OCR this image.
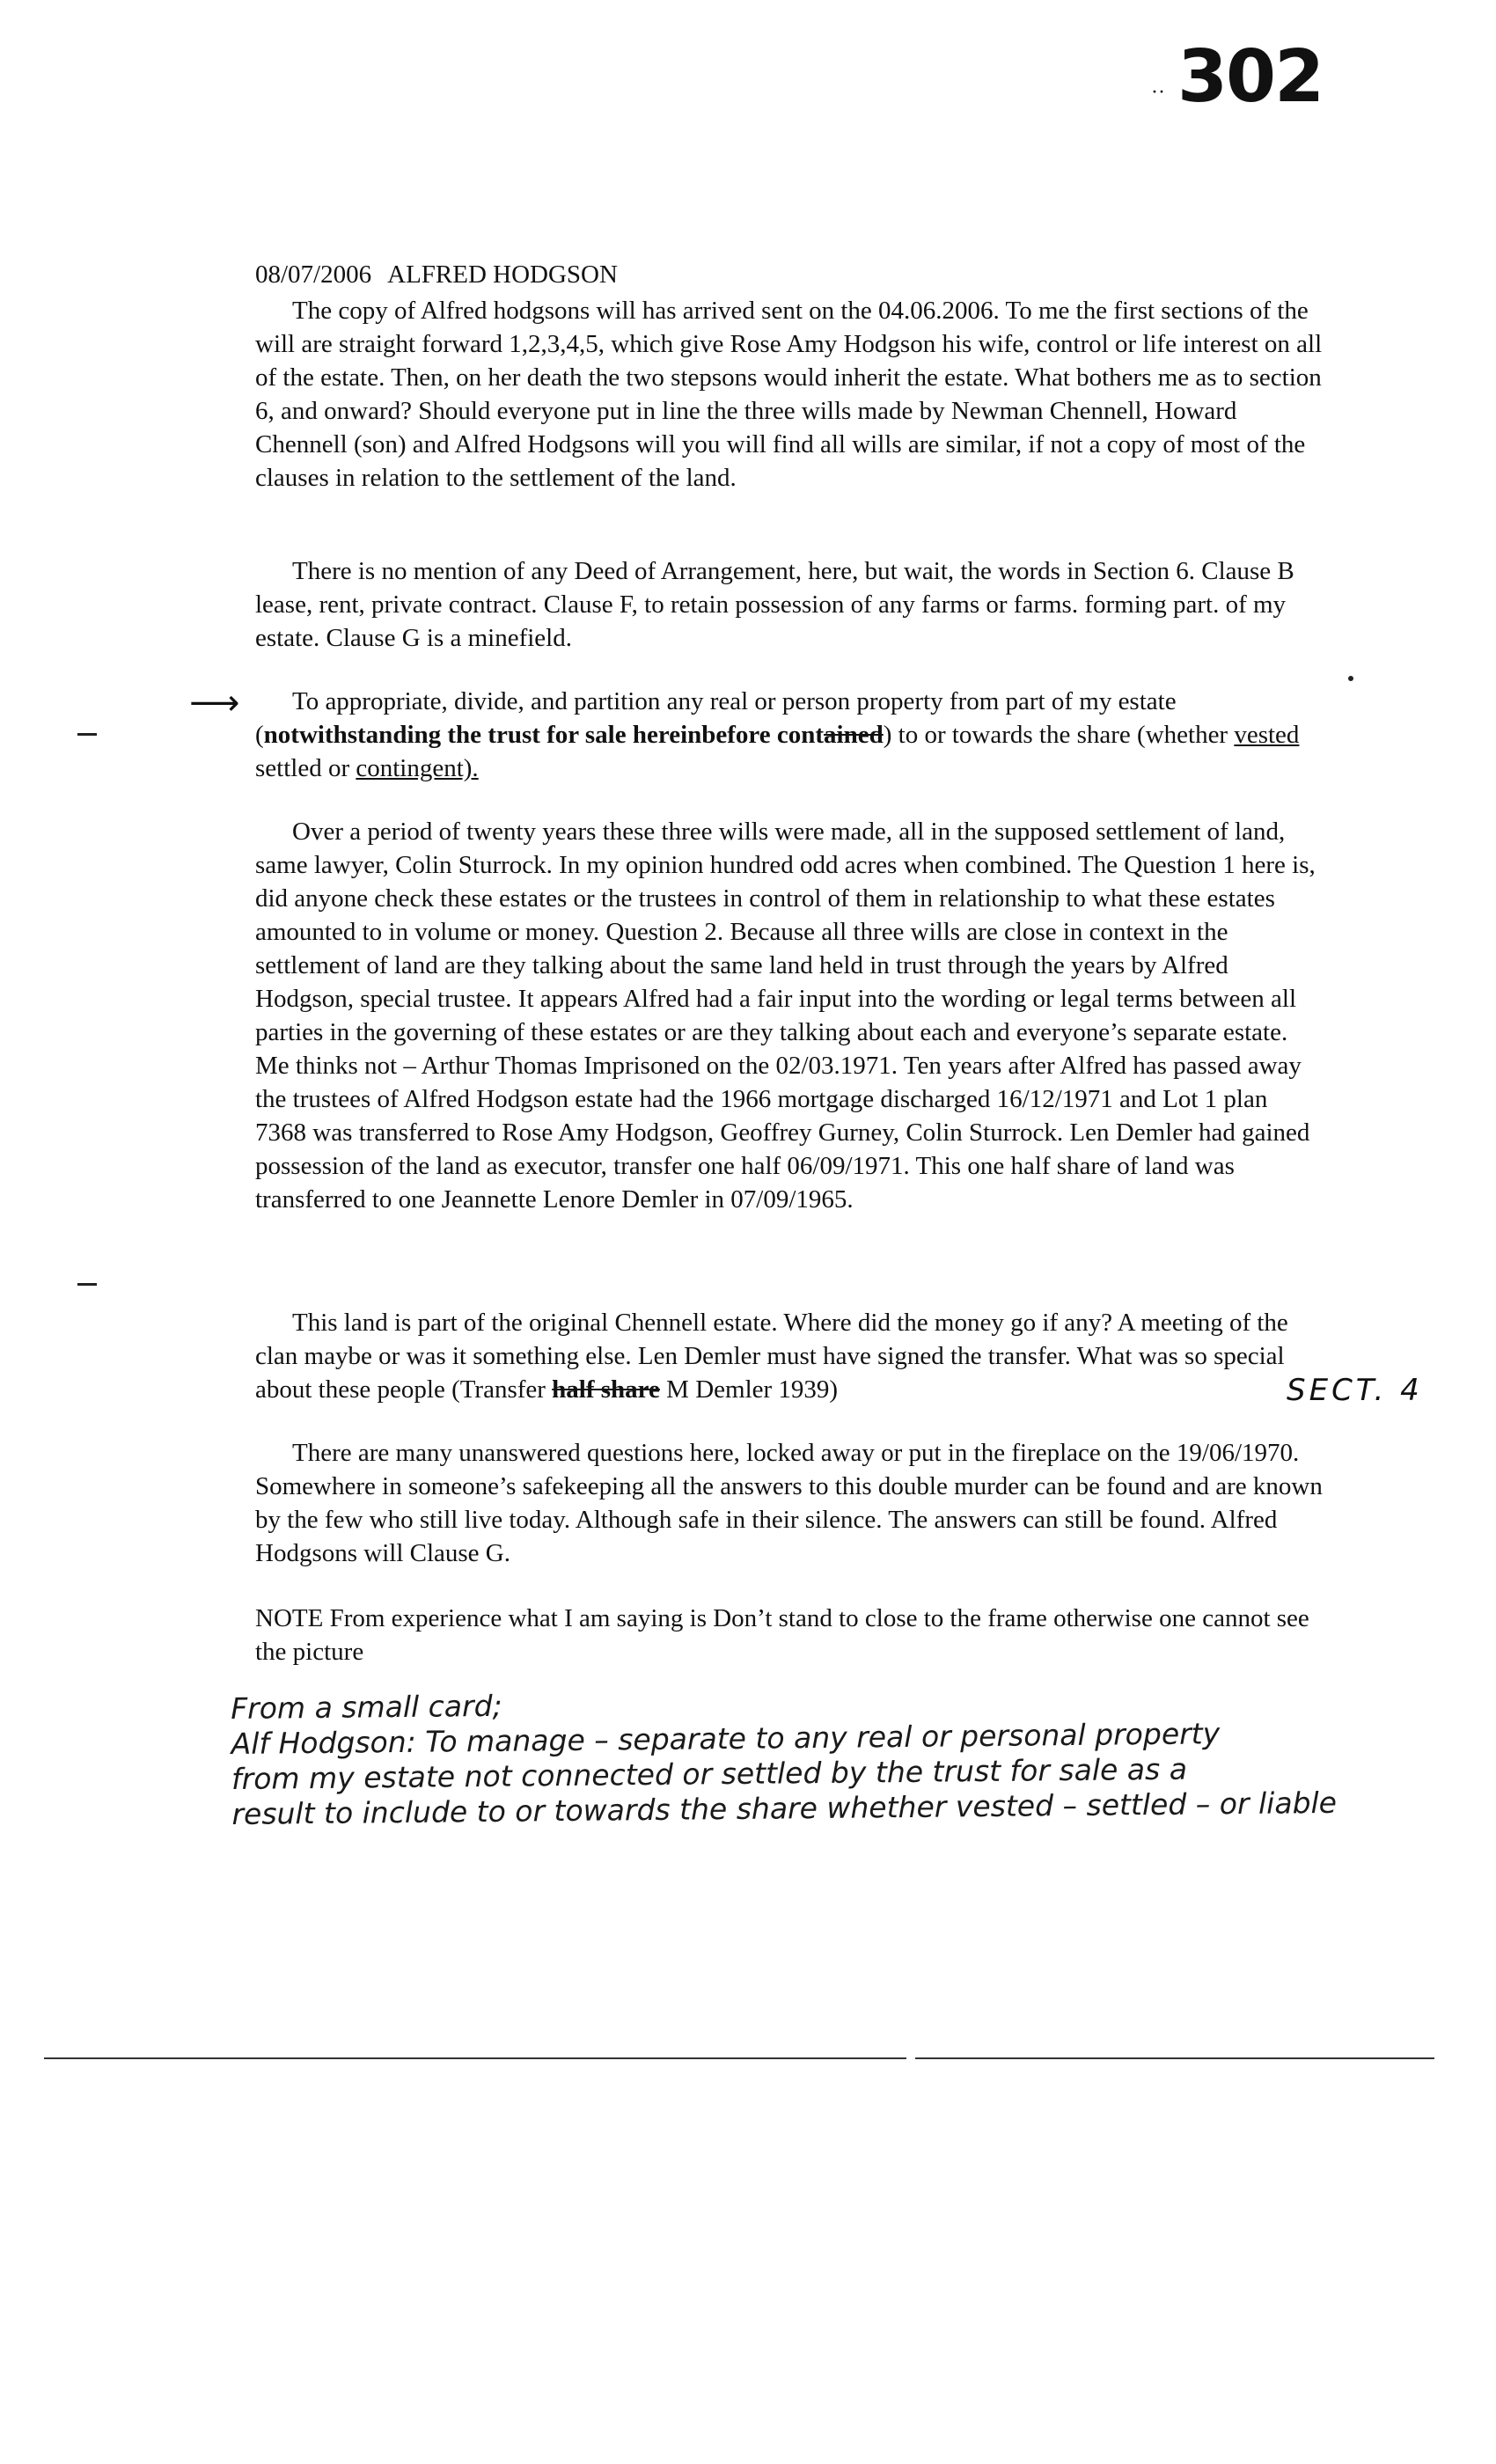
·· 302
08/07/2006 ALFRED HODGSON

The copy of Alfred hodgsons will has arrived sent on the 04.06.2006. To me the first sections of the will are straight forward 1,2,3,4,5, which give Rose Amy Hodgson his wife, control or life interest on all of the estate. Then, on her death the two stepsons would inherit the estate. What bothers me as to section 6, and onward? Should everyone put in line the three wills made by Newman Chennell, Howard Chennell (son) and Alfred Hodgsons will you will find all wills are similar, if not a copy of most of the clauses in relation to the settlement of the land.

There is no mention of any Deed of Arrangement, here, but wait, the words in Section 6. Clause B lease, rent, private contract. Clause F, to retain possession of any farms or farms. forming part. of my estate. Clause G is a minefield.

⟶	To appropriate, divide, and partition any real or person property from part of my estate (notwithstanding the trust for sale hereinbefore contained) to or towards the share (whether vested settled or contingent).

Over a period of twenty years these three wills were made, all in the supposed settlement of land, same lawyer, Colin Sturrock. In my opinion hundred odd acres when combined. The Question 1 here is, did anyone check these estates or the trustees in control of them in relationship to what these estates amounted to in volume or money. Question 2. Because all three wills are close in context in the settlement of land are they talking about the same land held in trust through the years by Alfred Hodgson, special trustee. It appears Alfred had a fair input into the wording or legal terms between all parties in the governing of these estates or are they talking about each and everyone’s separate estate. Me thinks not – Arthur Thomas Imprisoned on the 02/03.1971. Ten years after Alfred has passed away the trustees of Alfred Hodgson estate had the 1966 mortgage discharged 16/12/1971 and Lot 1 plan 7368 was transferred to Rose Amy Hodgson, Geoffrey Gurney, Colin Sturrock. Len Demler had gained possession of the land as executor, transfer one half 06/09/1971. This one half share of land was transferred to one Jeannette Lenore Demler in 07/09/1965.

This land is part of the original Chennell estate. Where did the money go if any? A meeting of the clan maybe or was it something else. Len Demler must have signed the transfer. What was so special about these people (Transfer half share M Demler 1939)	SECT. 4

There are many unanswered questions here, locked away or put in the fireplace on the 19/06/1970. Somewhere in someone’s safekeeping all the answers to this double murder can be found and are known by the few who still live today. Although safe in their silence. The answers can still be found. Alfred Hodgsons will Clause G.

NOTE From experience what I am saying is Don’t stand to close to the frame otherwise one cannot see the picture

From a small card;
Alf Hodgson: To manage – separate to any real or personal property
from my estate not connected or settled by the trust for sale as a
result to include to or towards the share whether vested – settled – or liable
